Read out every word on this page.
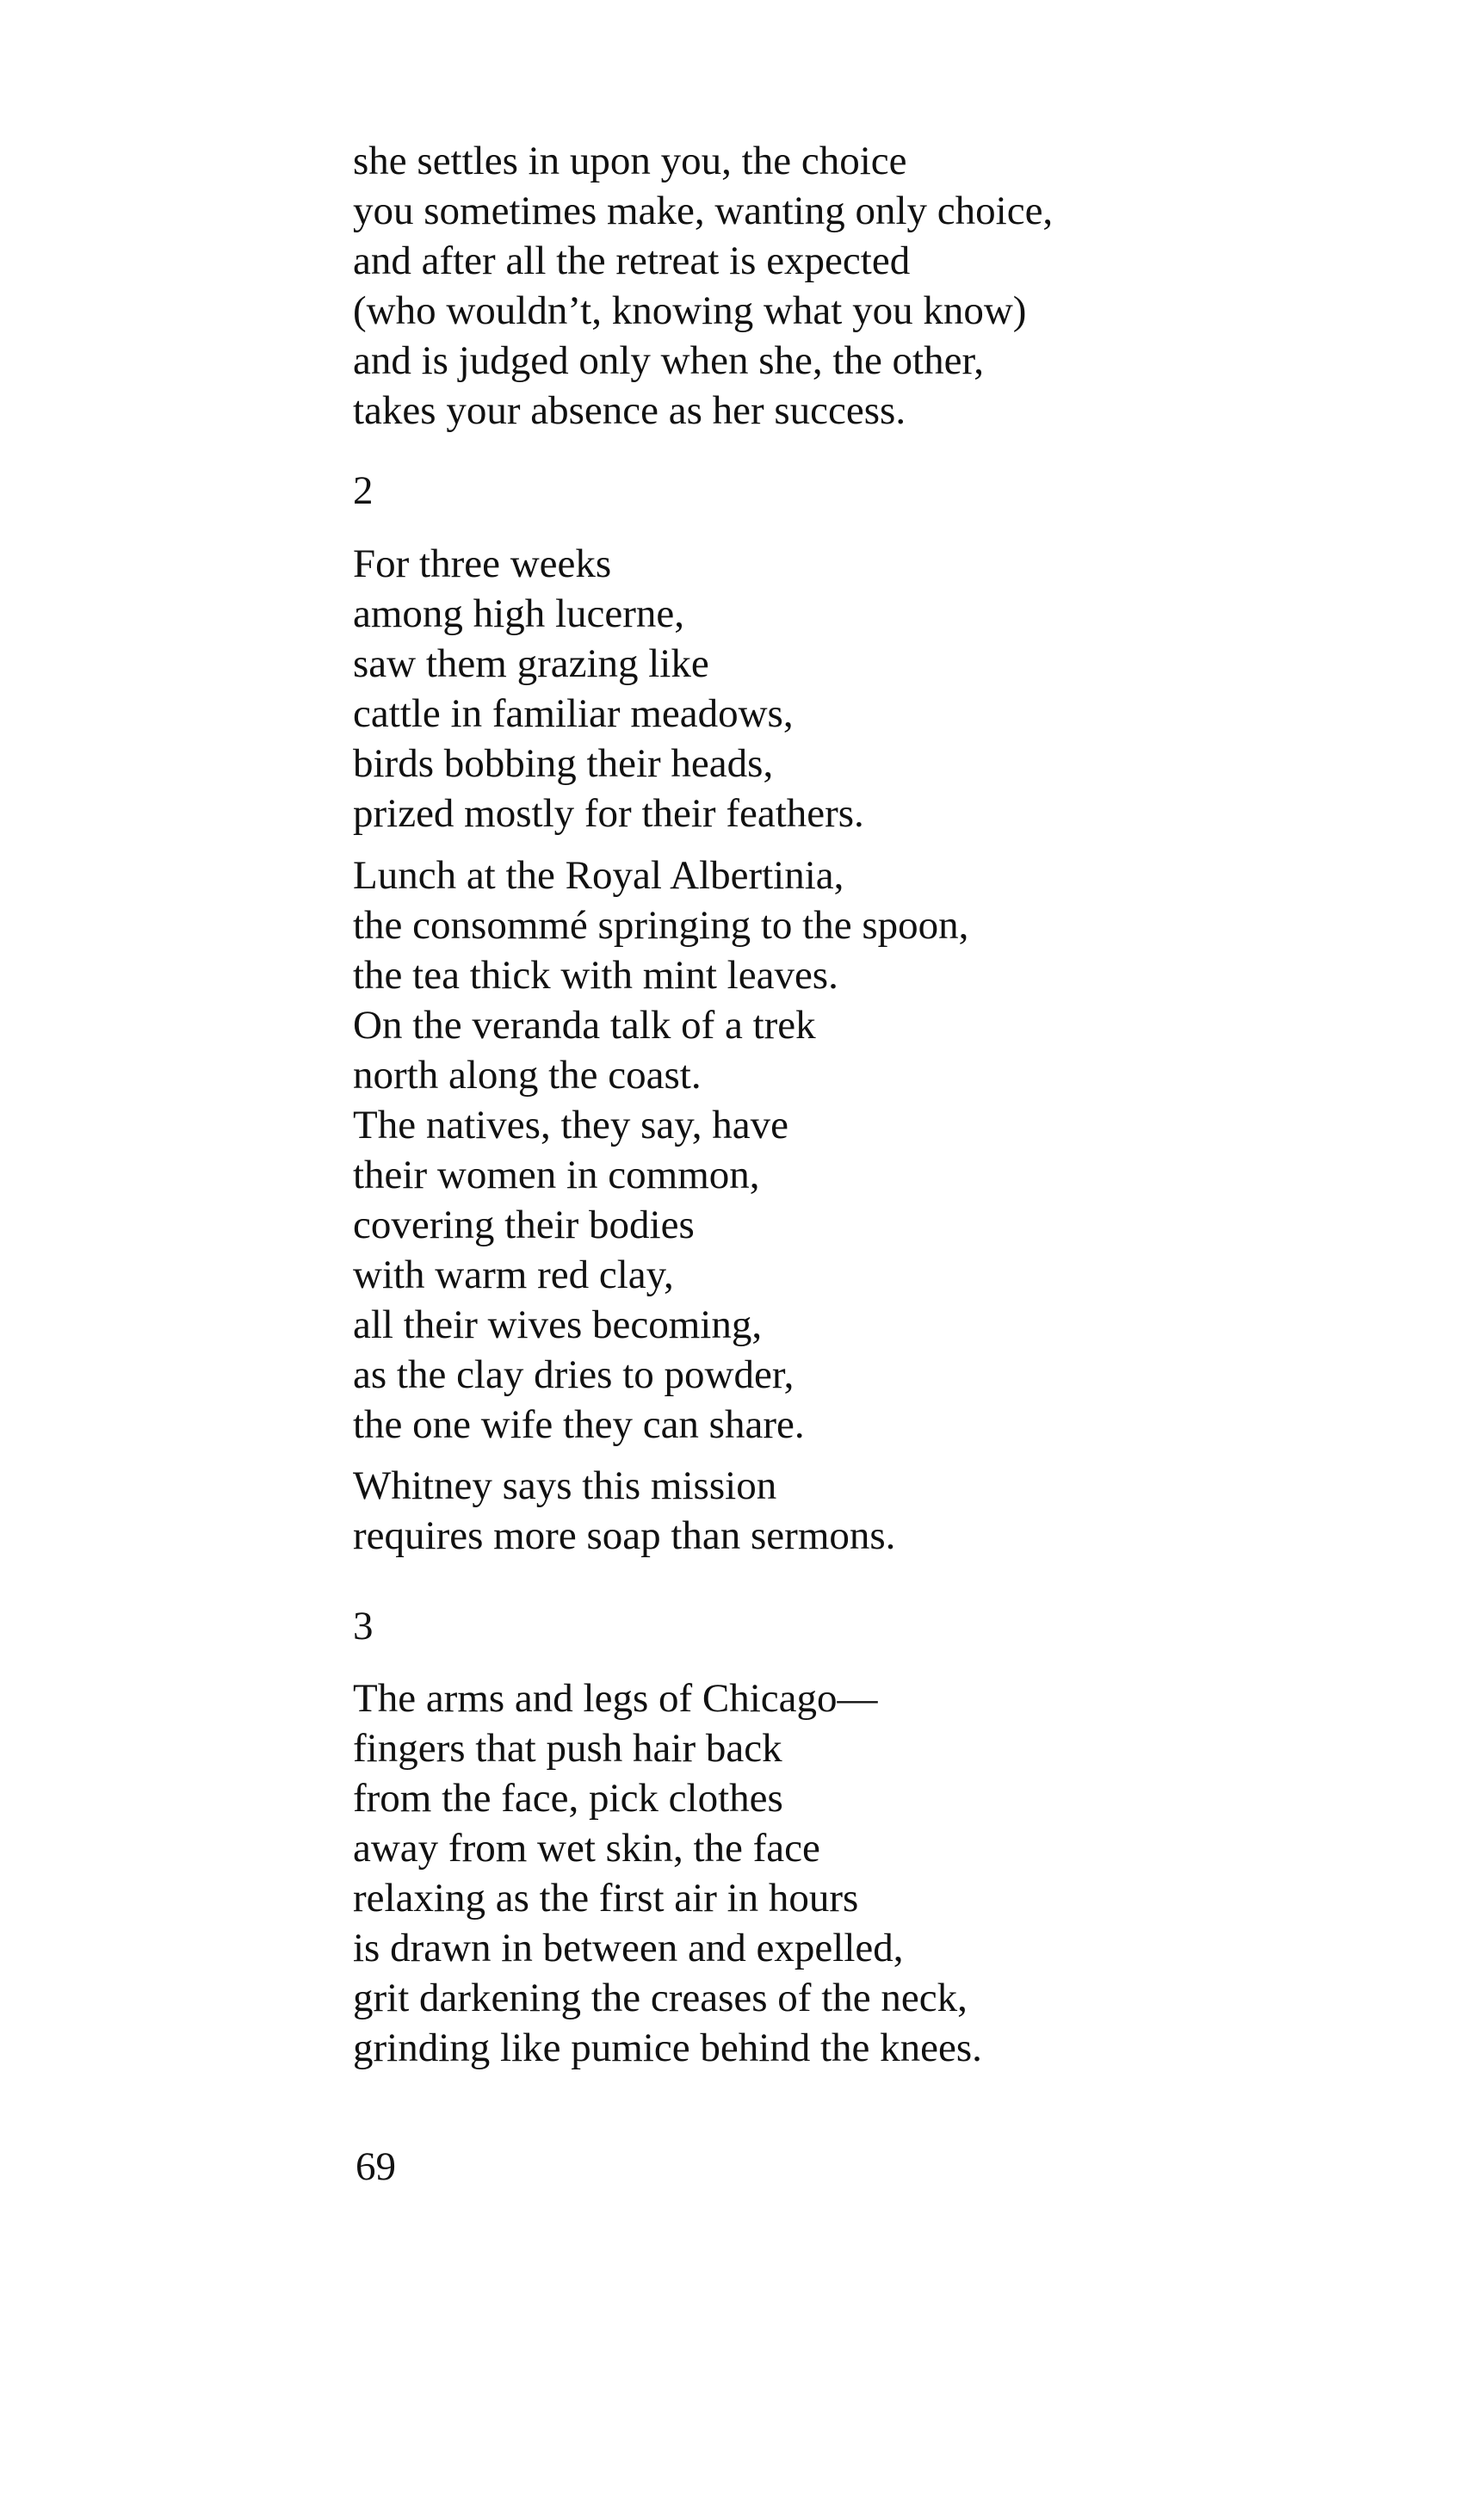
she settles in upon you, the choice
you sometimes make, wanting only choice,
and after all the retreat is expected
(who wouldn’t, knowing what you know)
and is judged only when she, the other,
takes your absence as her success.

2

For three weeks
among high lucerne,
saw them grazing like
cattle in familiar meadows,
birds bobbing their heads,
prized mostly for their feathers.
Lunch at the Royal Albertinia,
the consommé springing to the spoon,
the tea thick with mint leaves.
On the veranda talk of a trek
north along the coast.
The natives, they say, have
their women in common,
covering their bodies
with warm red clay,
all their wives becoming,
as the clay dries to powder,
the one wife they can share.
Whitney says this mission
requires more soap than sermons.

3

The arms and legs of Chicago—
fingers that push hair back
from the face, pick clothes
away from wet skin, the face
relaxing as the first air in hours
is drawn in between and expelled,
grit darkening the creases of the neck,
grinding like pumice behind the knees.

69
